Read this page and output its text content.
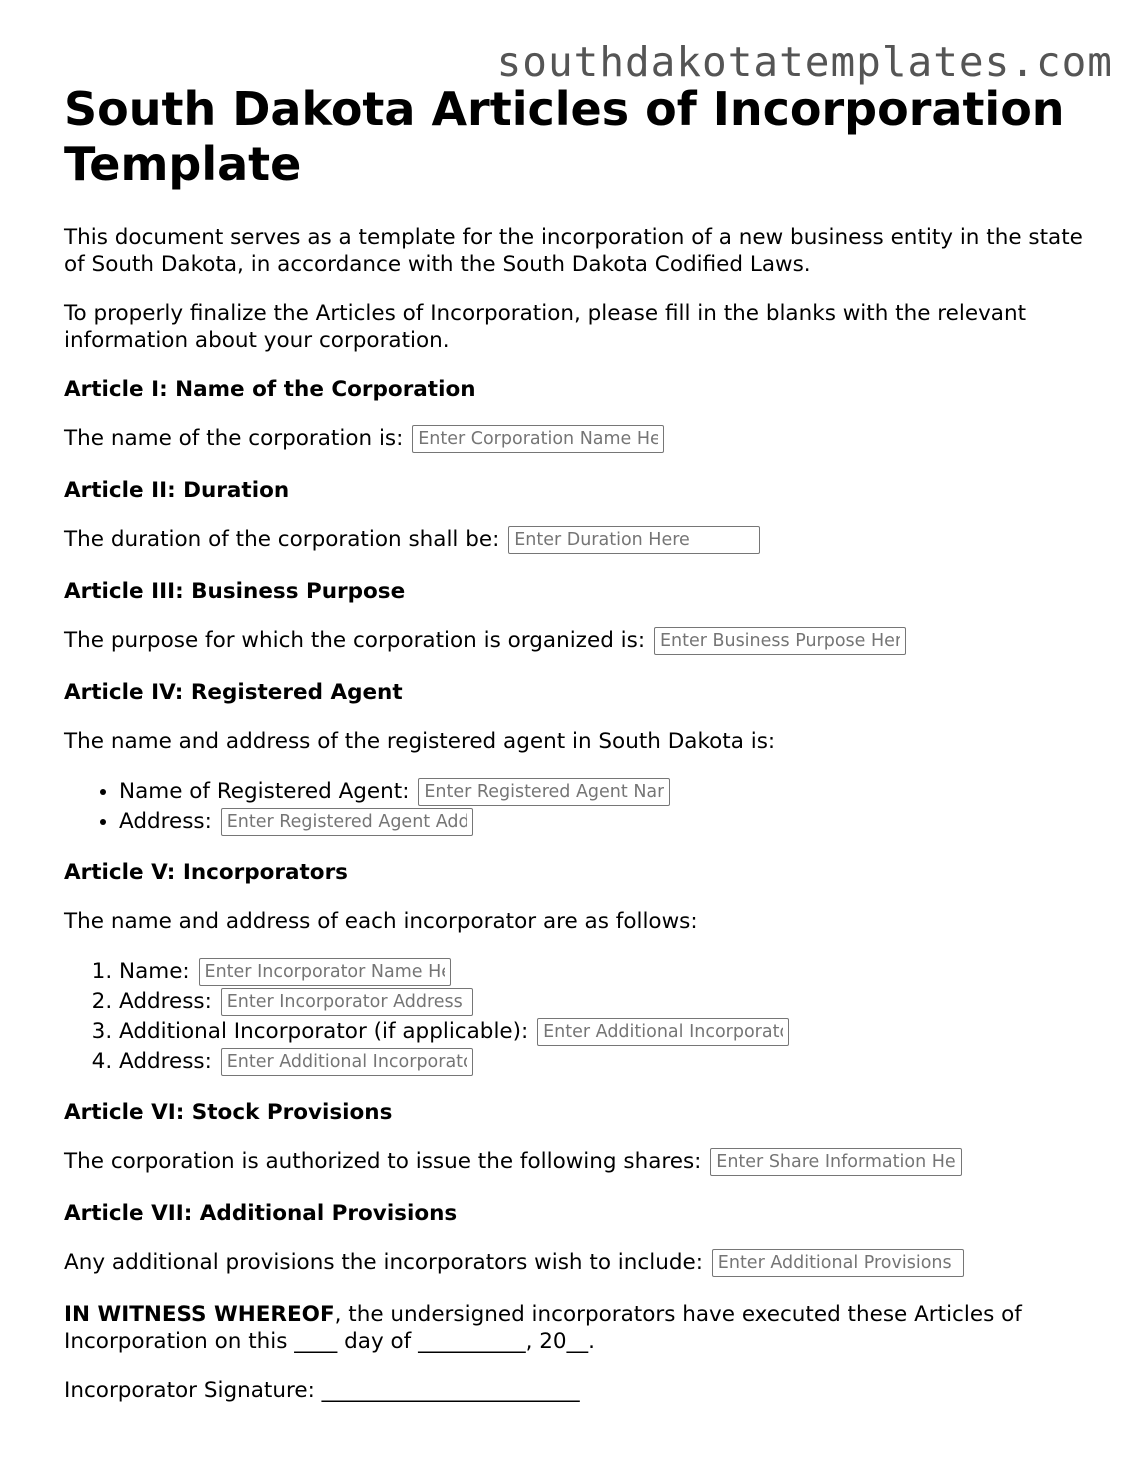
southdakotatemplates.com
South Dakota Articles of Incorporation Template

This document serves as a template for the incorporation of a new business entity in the state of South Dakota, in accordance with the South Dakota Codified Laws.

To properly finalize the Articles of Incorporation, please fill in the blanks with the relevant information about your corporation.

Article I: Name of the Corporation

The name of the corporation is: Enter Corporation Name Here

Article II: Duration

The duration of the corporation shall be: Enter Duration Here

Article III: Business Purpose

The purpose for which the corporation is organized is: Enter Business Purpose Here

Article IV: Registered Agent

The name and address of the registered agent in South Dakota is:

• Name of Registered Agent: Enter Registered Agent Name
• Address: Enter Registered Agent Address
Article V: Incorporators

The name and address of each incorporator are as follows:

1. Name: Enter Incorporator Name Here
2. Address: Enter Incorporator Address
3. Additional Incorporator (if applicable): Enter Additional Incorporator
4. Address: Enter Additional Incorporator Address
Article VI: Stock Provisions

The corporation is authorized to issue the following shares: Enter Share Information Here

Article VII: Additional Provisions

Any additional provisions the incorporators wish to include: Enter Additional Provisions

IN WITNESS WHEREOF, the undersigned incorporators have executed these Articles of Incorporation on this ____ day of __________, 20__.

Incorporator Signature: ________________________
